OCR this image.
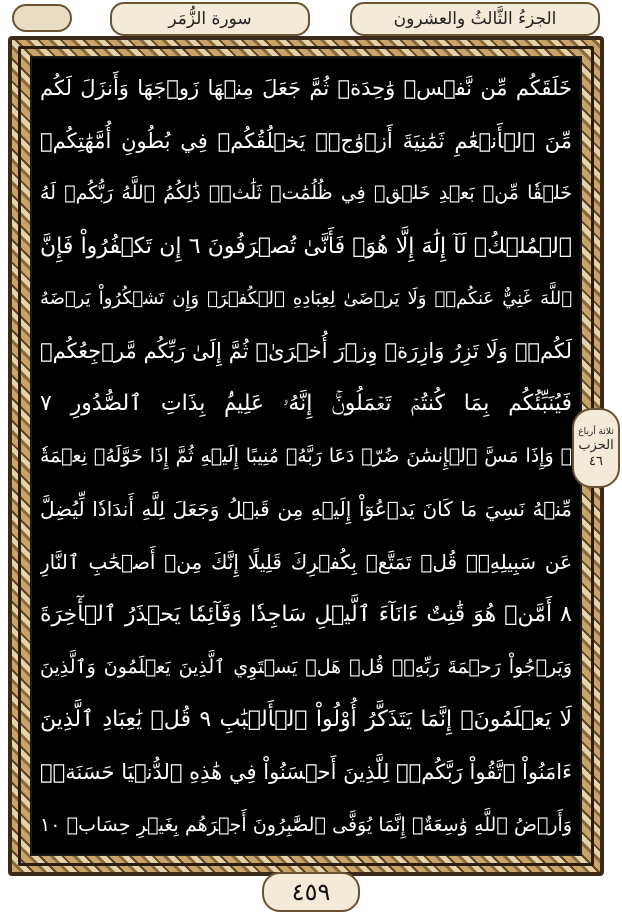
سورة الزُّمَر	الجزءُ الثَّالثُ والعشرون
خَلَقَكُم مِّن نَّفۡسٖ وَٰحِدَةٖ ثُمَّ جَعَلَ مِنۡهَا زَوۡجَهَا وَأَنزَلَ لَكُم
مِّنَ ٱلۡأَنۡعَٰمِ ثَمَٰنِيَةَ أَزۡوَٰجٖۚ يَخۡلُقُكُمۡ فِي بُطُونِ أُمَّهَٰتِكُمۡ
خَلۡقٗا مِّنۢ بَعۡدِ خَلۡقٖ فِي ظُلُمَٰتٖ ثَلَٰثٖۚ ذَٰلِكُمُ ٱللَّهُ رَبُّكُمۡ لَهُ
ٱلۡمُلۡكُۖ لَآ إِلَٰهَ إِلَّا هُوَۖ فَأَنَّىٰ تُصۡرَفُونَ ٦ إِن تَكۡفُرُواْ فَإِنَّ
ٱللَّهَ غَنِيٌّ عَنكُمۡۖ وَلَا يَرۡضَىٰ لِعِبَادِهِ ٱلۡكُفۡرَۖ وَإِن تَشۡكُرُواْ يَرۡضَهُ
لَكُمۡۗ وَلَا تَزِرُ وَازِرَةٞ وِزۡرَ أُخۡرَىٰۗ ثُمَّ إِلَىٰ رَبِّكُم مَّرۡجِعُكُمۡ
فَيُنَبِّئُكُم بِمَا كُنتُمۡ تَعۡمَلُونَۚ إِنَّهُۥ عَلِيمُۢ بِذَاتِ ٱلصُّدُورِ ٧
۞ وَإِذَا مَسَّ ٱلۡإِنسَٰنَ ضُرّٞ دَعَا رَبَّهُۥ مُنِيبًا إِلَيۡهِ ثُمَّ إِذَا خَوَّلَهُۥ نِعۡمَةٗ
مِّنۡهُ نَسِيَ مَا كَانَ يَدۡعُوٓاْ إِلَيۡهِ مِن قَبۡلُ وَجَعَلَ لِلَّهِ أَندَادٗا لِّيُضِلَّ
عَن سَبِيلِهِۦۚ قُلۡ تَمَتَّعۡ بِكُفۡرِكَ قَلِيلًا إِنَّكَ مِنۡ أَصۡحَٰبِ ٱلنَّارِ
٨ أَمَّنۡ هُوَ قَٰنِتٌ ءَانَآءَ ٱلَّيۡلِ سَاجِدٗا وَقَآئِمٗا يَحۡذَرُ ٱلۡأٓخِرَةَ
وَيَرۡجُواْ رَحۡمَةَ رَبِّهِۦۗ قُلۡ هَلۡ يَسۡتَوِي ٱلَّذِينَ يَعۡلَمُونَ وَٱلَّذِينَ
لَا يَعۡلَمُونَۗ إِنَّمَا يَتَذَكَّرُ أُوْلُواْ ٱلۡأَلۡبَٰبِ ٩ قُلۡ يَٰعِبَادِ ٱلَّذِينَ
ءَامَنُواْ ٱتَّقُواْ رَبَّكُمۡۚ لِلَّذِينَ أَحۡسَنُواْ فِي هَٰذِهِ ٱلدُّنۡيَا حَسَنَةٞۗ
وَأَرۡضُ ٱللَّهِ وَٰسِعَةٌۗ إِنَّمَا يُوَفَّى ٱلصَّٰبِرُونَ أَجۡرَهُم بِغَيۡرِ حِسَابٖ ١٠
ثلاثة أرباع
الحزب
٤٦
٤٥٩
